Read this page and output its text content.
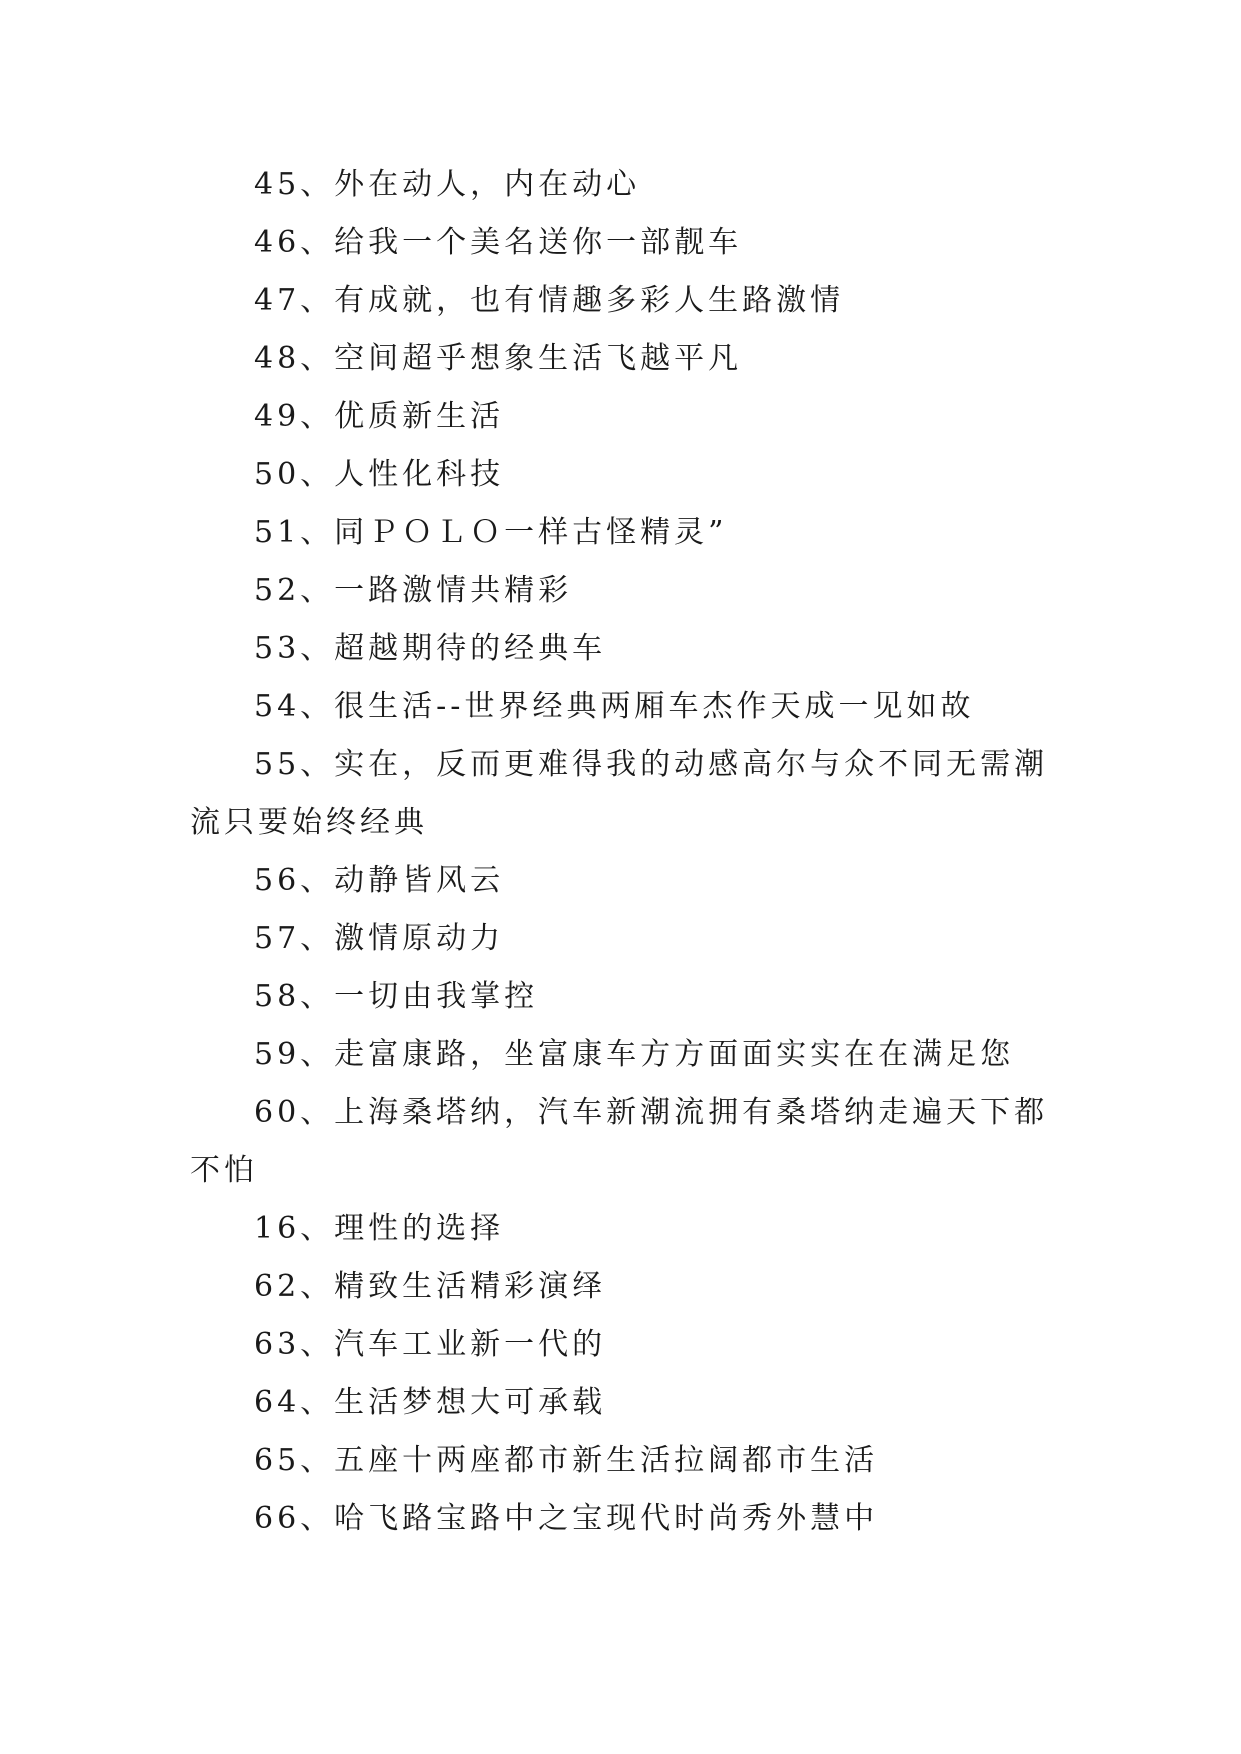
45、外在动人，内在动心

46、给我一个美名送你一部靓车

47、有成就，也有情趣多彩人生路激情

48、空间超乎想象生活飞越平凡

49、优质新生活

50、人性化科技

51、同ＰＯＬＯ一样古怪精灵”

52、一路激情共精彩

53、超越期待的经典车

54、很生活--世界经典两厢车杰作天成一见如故

55、实在，反而更难得我的动感高尔与众不同无需潮流只要始终经典

56、动静皆风云

57、激情原动力

58、一切由我掌控

59、走富康路，坐富康车方方面面实实在在满足您

60、上海桑塔纳，汽车新潮流拥有桑塔纳走遍天下都不怕

16、理性的选择

62、精致生活精彩演绎

63、汽车工业新一代的

64、生活梦想大可承载

65、五座十两座都市新生活拉阔都市生活

66、哈飞路宝路中之宝现代时尚秀外慧中
